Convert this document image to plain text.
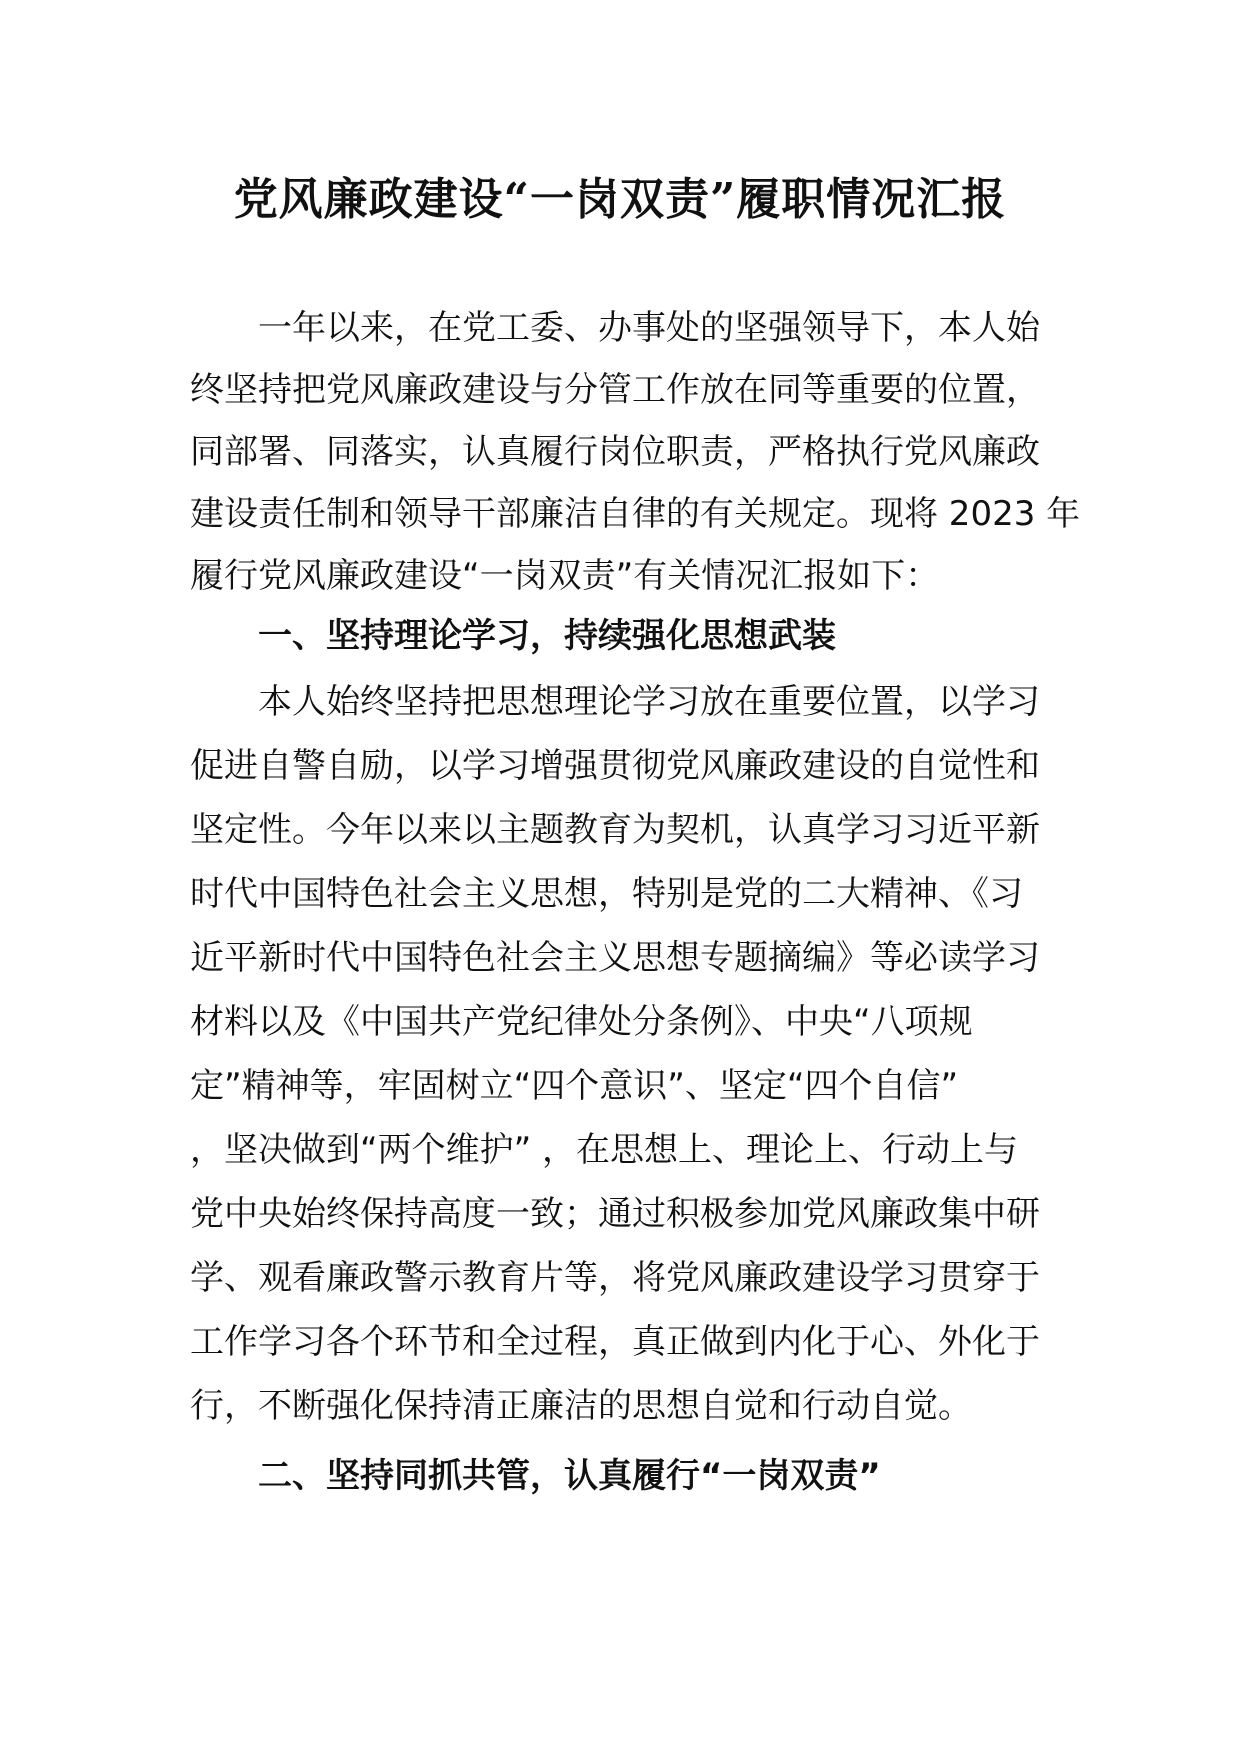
党风廉政建设“一岗双责”履职情况汇报
一年以来，在党工委、办事处的坚强领导下，本人始
终坚持把党风廉政建设与分管工作放在同等重要的位置，
同部署、同落实，认真履行岗位职责，严格执行党风廉政
建设责任制和领导干部廉洁自律的有关规定。现将 2023 年
履行党风廉政建设“一岗双责”有关情况汇报如下：
一、坚持理论学习，持续强化思想武装
本人始终坚持把思想理论学习放在重要位置，以学习
促进自警自励，以学习增强贯彻党风廉政建设的自觉性和
坚定性。今年以来以主题教育为契机，认真学习习近平新
时代中国特色社会主义思想，特别是党的二大精神、《习
近平新时代中国特色社会主义思想专题摘编》等必读学习
材料以及《中国共产党纪律处分条例》、中央“八项规
定”精神等，牢固树立“四个意识”、坚定“四个自信”
，坚决做到“两个维护” ，在思想上、理论上、行动上与
党中央始终保持高度一致；通过积极参加党风廉政集中研
学、观看廉政警示教育片等，将党风廉政建设学习贯穿于
工作学习各个环节和全过程，真正做到内化于心、外化于
行，不断强化保持清正廉洁的思想自觉和行动自觉。
二、坚持同抓共管，认真履行“一岗双责”
